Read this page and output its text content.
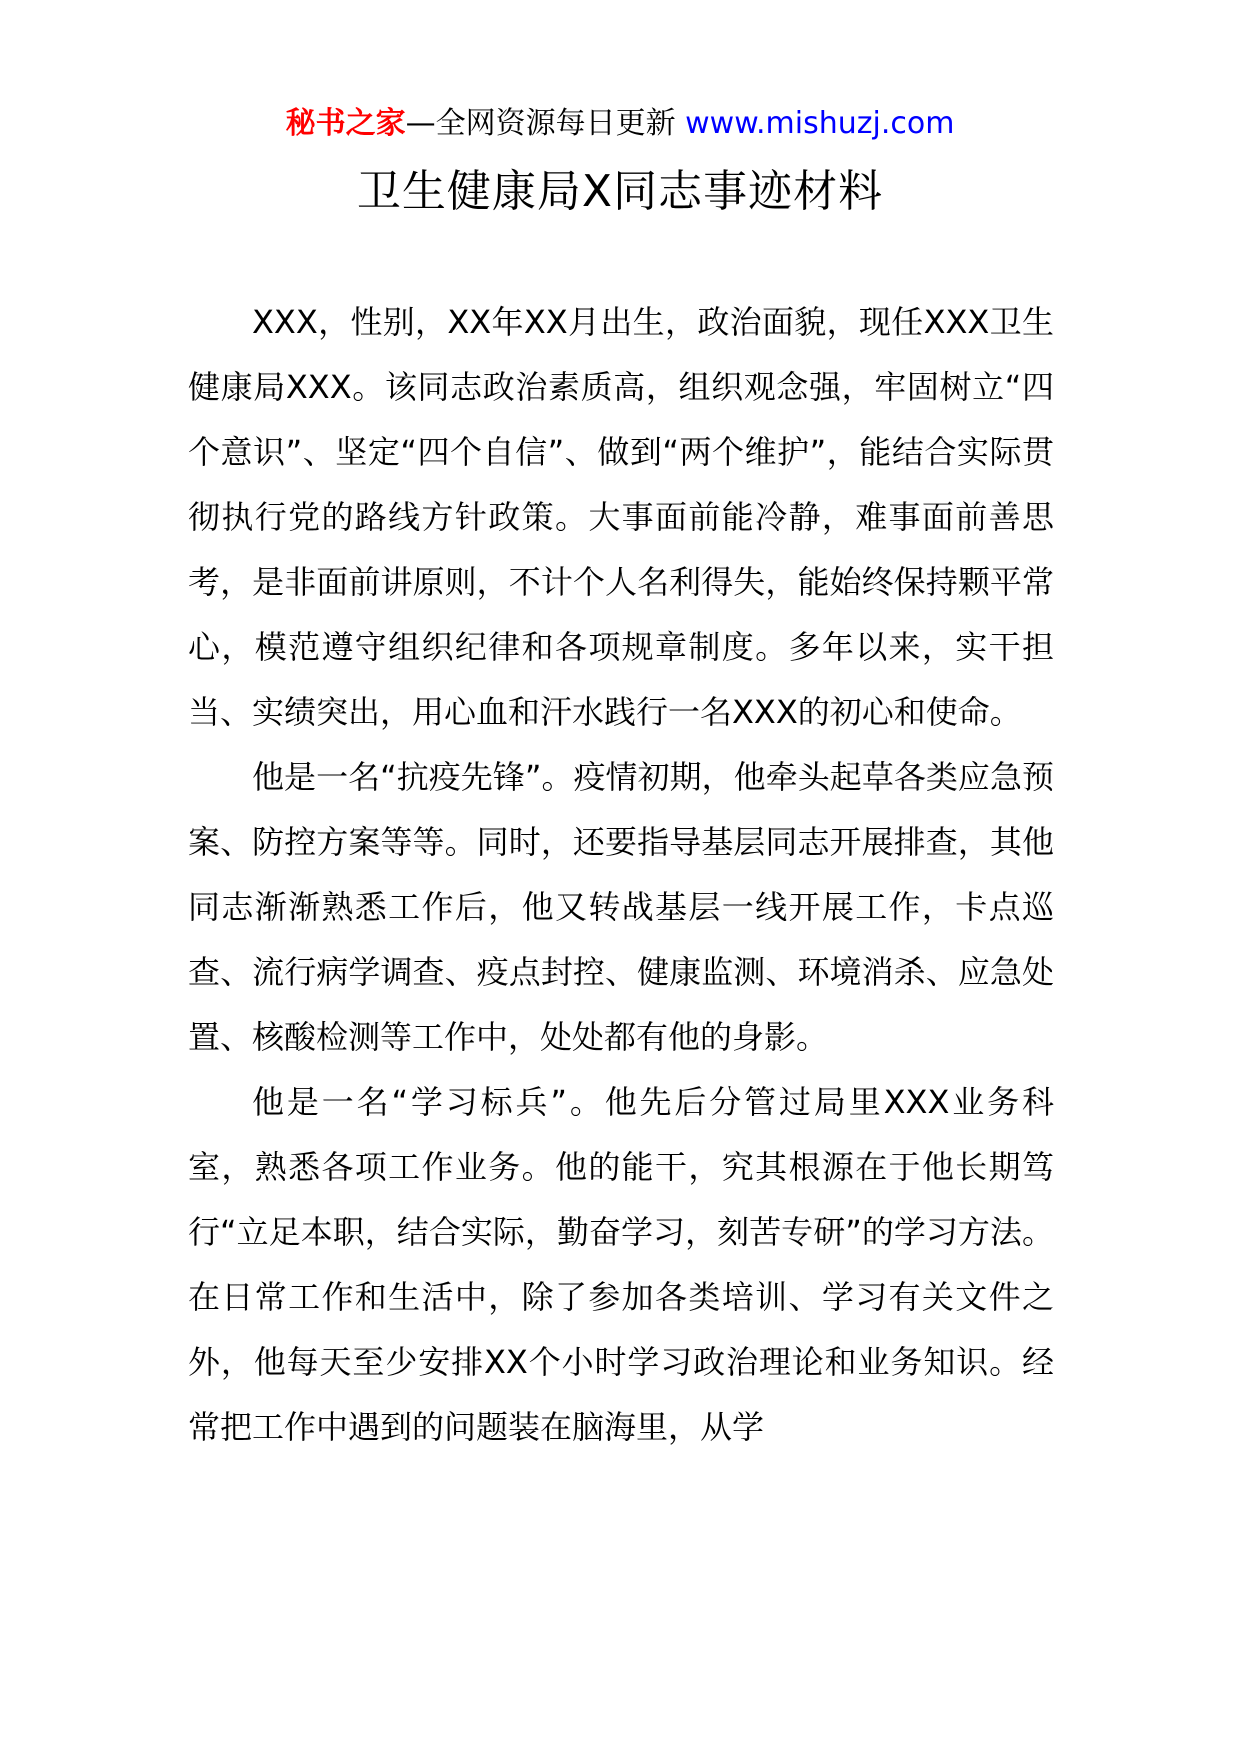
秘书之家—全网资源每日更新 www.mishuzj.com
卫生健康局X同志事迹材料

XXX，性别，XX年XX月出生，政治面貌，现任XXX卫生健康局XXX。该同志政治素质高，组织观念强，牢固树立“四个意识”、坚定“四个自信”、做到“两个维护”，能结合实际贯彻执行党的路线方针政策。大事面前能冷静，难事面前善思考，是非面前讲原则，不计个人名利得失，能始终保持颗平常心，模范遵守组织纪律和各项规章制度。多年以来，实干担当、实绩突出，用心血和汗水践行一名XXX的初心和使命。

他是一名“抗疫先锋”。疫情初期，他牵头起草各类应急预案、防控方案等等。同时，还要指导基层同志开展排查，其他同志渐渐熟悉工作后，他又转战基层一线开展工作，卡点巡查、流行病学调查、疫点封控、健康监测、环境消杀、应急处置、核酸检测等工作中，处处都有他的身影。

他是一名“学习标兵”。他先后分管过局里XXX业务科室，熟悉各项工作业务。他的能干，究其根源在于他长期笃行“立足本职，结合实际，勤奋学习，刻苦专研”的学习方法。在日常工作和生活中，除了参加各类培训、学习有关文件之外，他每天至少安排XX个小时学习政治理论和业务知识。经常把工作中遇到的问题装在脑海里，从学
